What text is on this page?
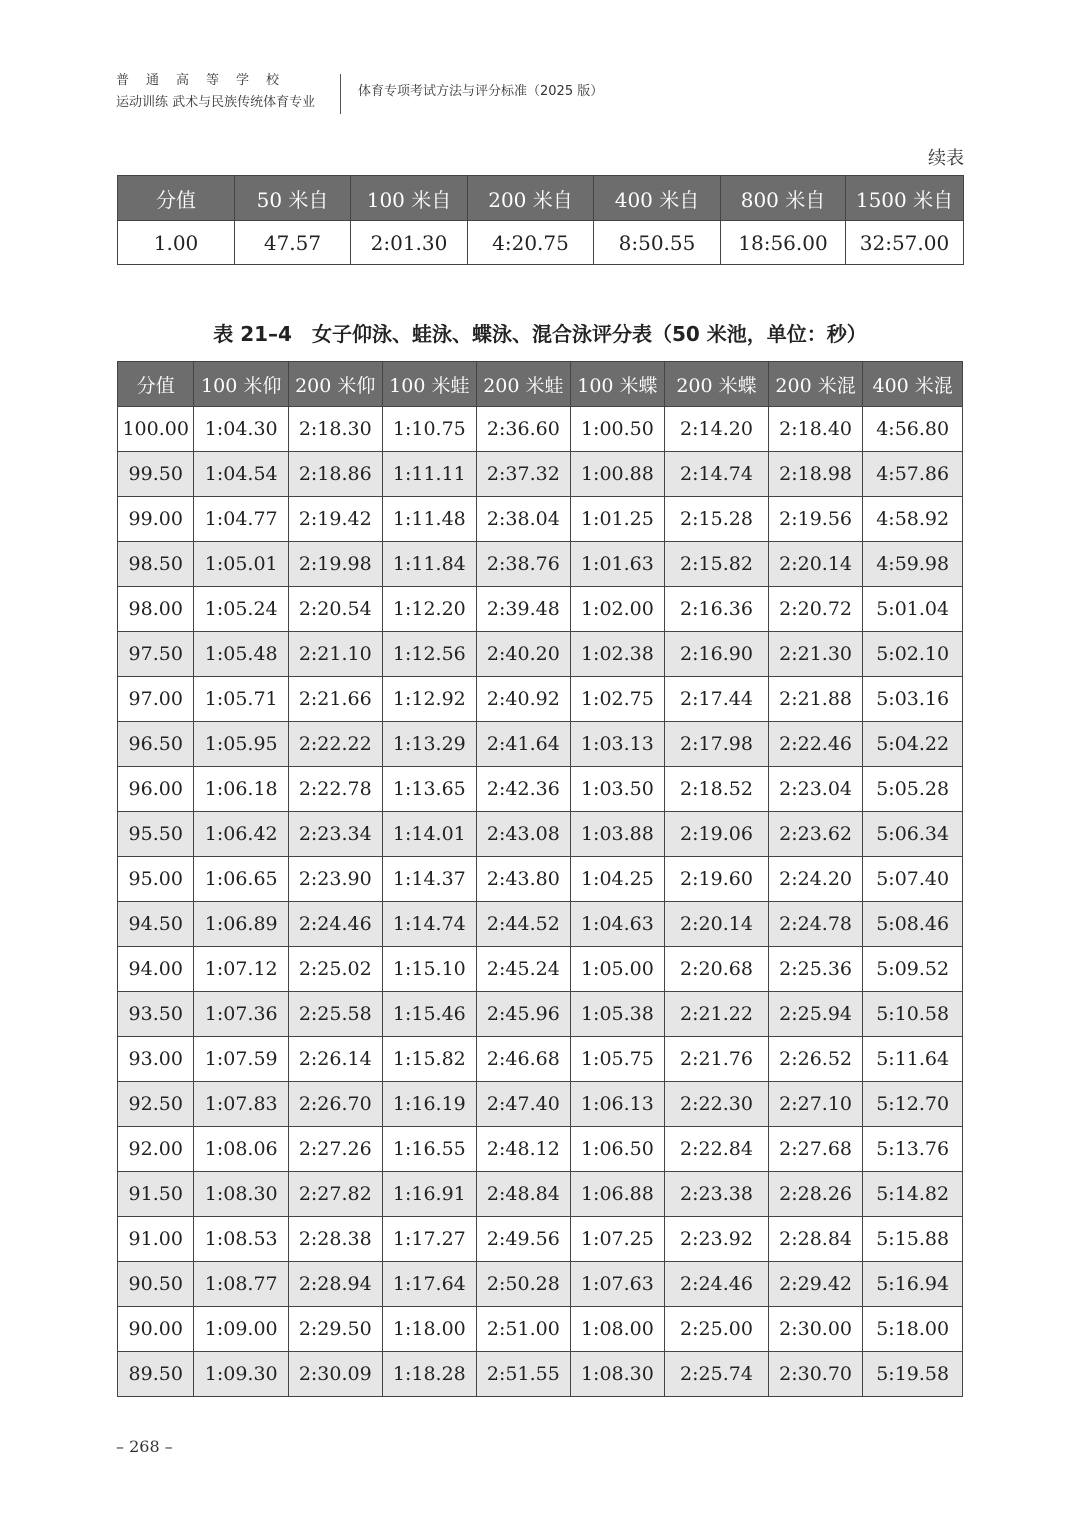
普通高等学校
运动训练 武术与民族传统体育专业
体育专项考试方法与评分标准（2025 版）
续表
分值	50 米自	100 米自	200 米自	400 米自	800 米自	1500 米自
1.00	47.57	2:01.30	4:20.75	8:50.55	18:56.00	32:57.00
表 21–4　女子仰泳、蛙泳、蝶泳、混合泳评分表（50 米池，单位：秒）
分值	100 米仰	200 米仰	100 米蛙	200 米蛙	100 米蝶	200 米蝶	200 米混	400 米混
100.00	1:04.30	2:18.30	1:10.75	2:36.60	1:00.50	2:14.20	2:18.40	4:56.80
99.50	1:04.54	2:18.86	1:11.11	2:37.32	1:00.88	2:14.74	2:18.98	4:57.86
99.00	1:04.77	2:19.42	1:11.48	2:38.04	1:01.25	2:15.28	2:19.56	4:58.92
98.50	1:05.01	2:19.98	1:11.84	2:38.76	1:01.63	2:15.82	2:20.14	4:59.98
98.00	1:05.24	2:20.54	1:12.20	2:39.48	1:02.00	2:16.36	2:20.72	5:01.04
97.50	1:05.48	2:21.10	1:12.56	2:40.20	1:02.38	2:16.90	2:21.30	5:02.10
97.00	1:05.71	2:21.66	1:12.92	2:40.92	1:02.75	2:17.44	2:21.88	5:03.16
96.50	1:05.95	2:22.22	1:13.29	2:41.64	1:03.13	2:17.98	2:22.46	5:04.22
96.00	1:06.18	2:22.78	1:13.65	2:42.36	1:03.50	2:18.52	2:23.04	5:05.28
95.50	1:06.42	2:23.34	1:14.01	2:43.08	1:03.88	2:19.06	2:23.62	5:06.34
95.00	1:06.65	2:23.90	1:14.37	2:43.80	1:04.25	2:19.60	2:24.20	5:07.40
94.50	1:06.89	2:24.46	1:14.74	2:44.52	1:04.63	2:20.14	2:24.78	5:08.46
94.00	1:07.12	2:25.02	1:15.10	2:45.24	1:05.00	2:20.68	2:25.36	5:09.52
93.50	1:07.36	2:25.58	1:15.46	2:45.96	1:05.38	2:21.22	2:25.94	5:10.58
93.00	1:07.59	2:26.14	1:15.82	2:46.68	1:05.75	2:21.76	2:26.52	5:11.64
92.50	1:07.83	2:26.70	1:16.19	2:47.40	1:06.13	2:22.30	2:27.10	5:12.70
92.00	1:08.06	2:27.26	1:16.55	2:48.12	1:06.50	2:22.84	2:27.68	5:13.76
91.50	1:08.30	2:27.82	1:16.91	2:48.84	1:06.88	2:23.38	2:28.26	5:14.82
91.00	1:08.53	2:28.38	1:17.27	2:49.56	1:07.25	2:23.92	2:28.84	5:15.88
90.50	1:08.77	2:28.94	1:17.64	2:50.28	1:07.63	2:24.46	2:29.42	5:16.94
90.00	1:09.00	2:29.50	1:18.00	2:51.00	1:08.00	2:25.00	2:30.00	5:18.00
89.50	1:09.30	2:30.09	1:18.28	2:51.55	1:08.30	2:25.74	2:30.70	5:19.58
– 268 –
